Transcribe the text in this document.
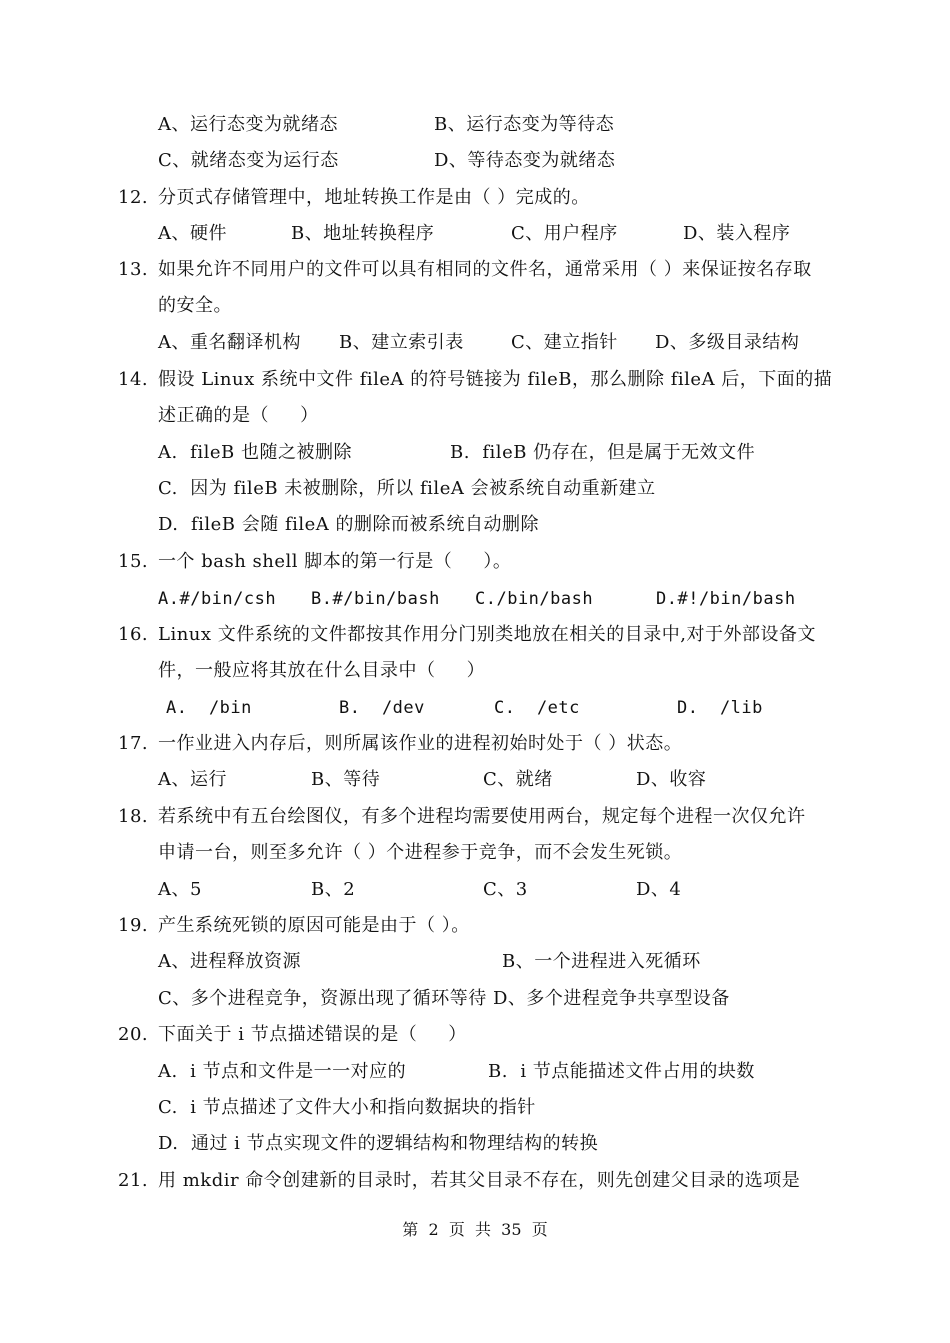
A、运行态变为就绪态	B、运行态变为等待态
C、就绪态变为运行态	D、等待态变为就绪态
12. 分页式存储管理中，地址转换工作是由（ ）完成的。
A、硬件	B、地址转换程序	C、用户程序	D、装入程序
13. 如果允许不同用户的文件可以具有相同的文件名，通常采用（ ）来保证按名存取
的安全。
A、重名翻译机构 B、建立索引表	C、建立指针 D、多级目录结构
14. 假设 Linux 系统中文件 fileA 的符号链接为 fileB，那么删除 fileA 后，下面的描
述正确的是（     ）
A.  fileB 也随之被删除	B.  fileB 仍存在，但是属于无效文件
C.  因为 fileB 未被删除，所以 fileA 会被系统自动重新建立
D.  fileB 会随 fileA 的删除而被系统自动删除
15. 一个 bash shell 脚本的第一行是（     ）。
A.#/bin/csh B.#/bin/bash C./bin/bash	D.#!/bin/bash
16. Linux 文件系统的文件都按其作用分门别类地放在相关的目录中,对于外部设备文
件，一般应将其放在什么目录中（     ）
A.  /bin	B.  /dev	C.  /etc	D.  /lib
17. 一作业进入内存后，则所属该作业的进程初始时处于（ ）状态。
A、运行	B、等待	C、就绪	D、收容
18. 若系统中有五台绘图仪，有多个进程均需要使用两台，规定每个进程一次仅允许
申请一台，则至多允许（ ）个进程参于竞争，而不会发生死锁。
A、5	B、2	C、3	D、4
19. 产生系统死锁的原因可能是由于（ ）。
A、进程释放资源	B、一个进程进入死循环
C、多个进程竞争，资源出现了循环等待 D、多个进程竞争共享型设备
20. 下面关于 i 节点描述错误的是（     ）
A.  i 节点和文件是一一对应的	B.  i 节点能描述文件占用的块数
C.  i 节点描述了文件大小和指向数据块的指针
D.  通过 i 节点实现文件的逻辑结构和物理结构的转换
21. 用 mkdir 命令创建新的目录时，若其父目录不存在，则先创建父目录的选项是
第  2  页  共  35  页
